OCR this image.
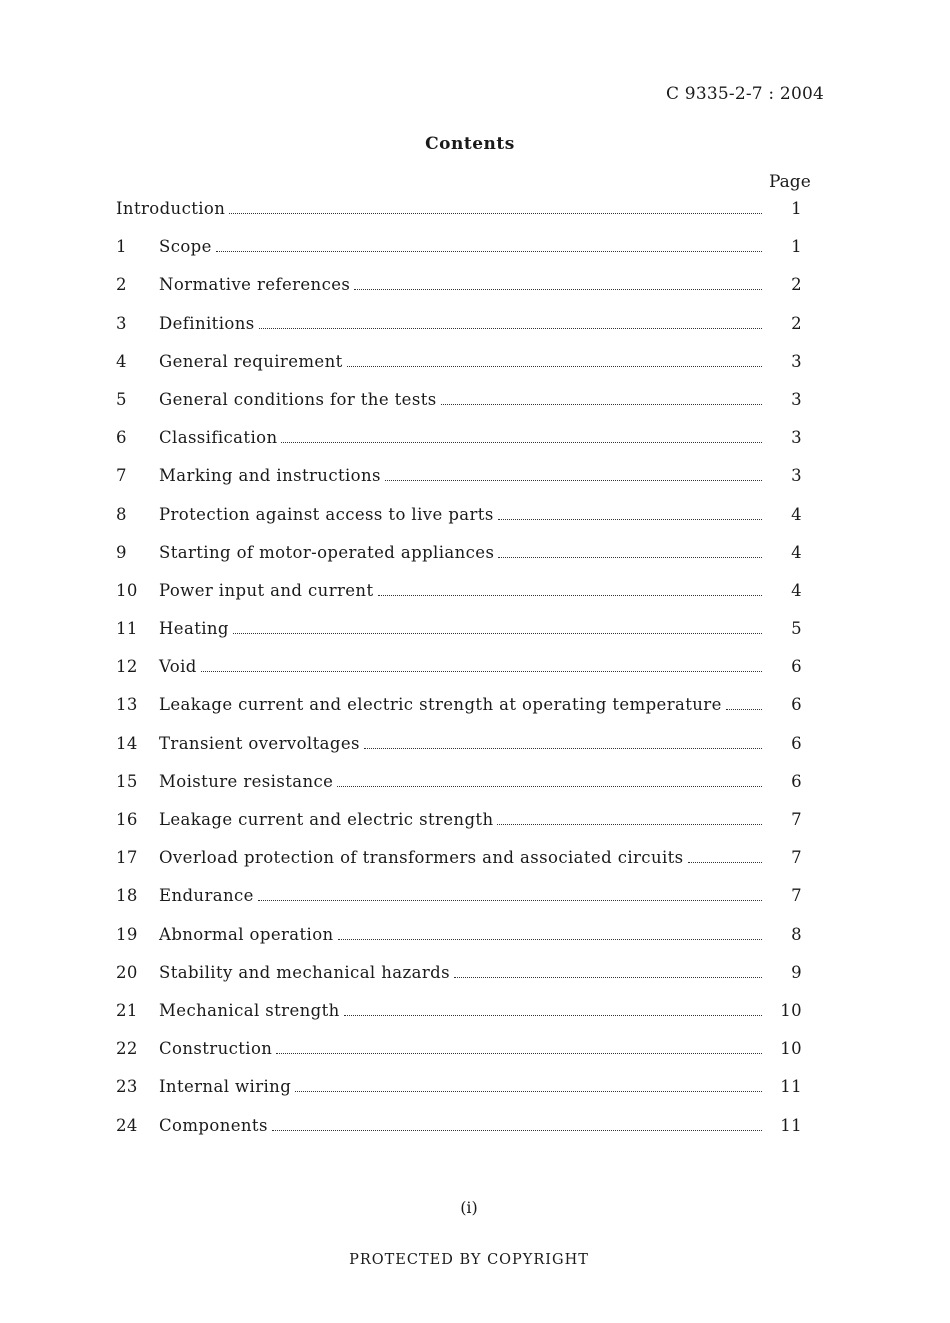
C 9335-2-7 : 2004
Contents
Page
Introduction	1
1	Scope	1
2	Normative references	2
3	Definitions	2
4	General requirement	3
5	General conditions for the tests	3
6	Classification	3
7	Marking and instructions	3
8	Protection against access to live parts	4
9	Starting of motor-operated appliances	4
10	Power input and current	4
11	Heating	5
12	Void	6
13	Leakage current and electric strength at operating temperature	6
14	Transient overvoltages	6
15	Moisture resistance	6
16	Leakage current and electric strength	7
17	Overload protection of transformers and associated circuits	7
18	Endurance	7
19	Abnormal operation	8
20	Stability and mechanical hazards	9
21	Mechanical strength	10
22	Construction	10
23	Internal wiring	11
24	Components	11
(i)
PROTECTED BY COPYRIGHT
